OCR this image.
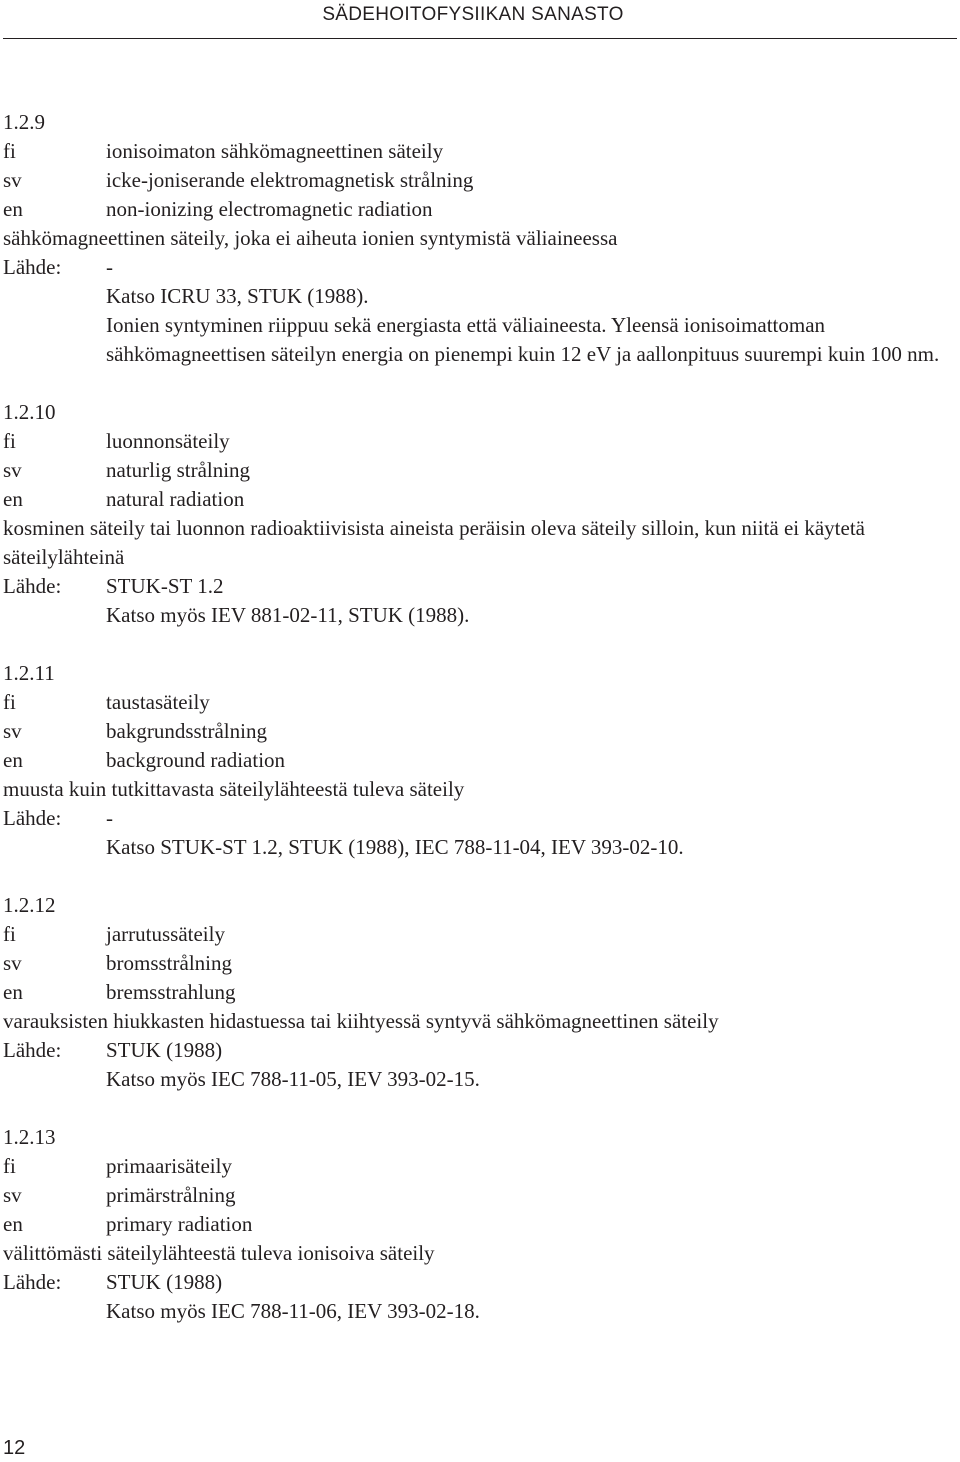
SÄDEHOITOFYSIIKAN SANASTO
1.2.9
fi	ionisoimaton sähkömagneettinen säteily
sv	icke-joniserande elektromagnetisk strålning
en	non-ionizing electromagnetic radiation
sähkömagneettinen säteily, joka ei aiheuta ionien syntymistä väliaineessa
Lähde: -
Katso ICRU 33, STUK (1988).
Ionien syntyminen riippuu sekä energiasta että väliaineesta. Yleensä ionisoimattoman sähkömagneettisen säteilyn energia on pienempi kuin 12 eV ja aallonpituus suurempi kuin 100 nm.
1.2.10
fi	luonnonsäteily
sv	naturlig strålning
en	natural radiation
kosminen säteily tai luonnon radioaktiivisista aineista peräisin oleva säteily silloin, kun niitä ei käytetä säteilylähteinä
Lähde: STUK-ST 1.2
Katso myös IEV 881-02-11, STUK (1988).
1.2.11
fi	taustasäteily
sv	bakgrundsstrålning
en	background radiation
muusta kuin tutkittavasta säteilylähteestä tuleva säteily
Lähde: -
Katso STUK-ST 1.2, STUK (1988), IEC 788-11-04, IEV 393-02-10.
1.2.12
fi	jarrutussäteily
sv	bromsstrålning
en	bremsstrahlung
varauksisten hiukkasten hidastuessa tai kiihtyessä syntyvä sähkömagneettinen säteily
Lähde: STUK (1988)
Katso myös IEC 788-11-05, IEV 393-02-15.
1.2.13
fi	primaarisäteily
sv	primärstrålning
en	primary radiation
välittömästi säteilylähteestä tuleva ionisoiva säteily
Lähde: STUK (1988)
Katso myös IEC 788-11-06, IEV 393-02-18.
12
